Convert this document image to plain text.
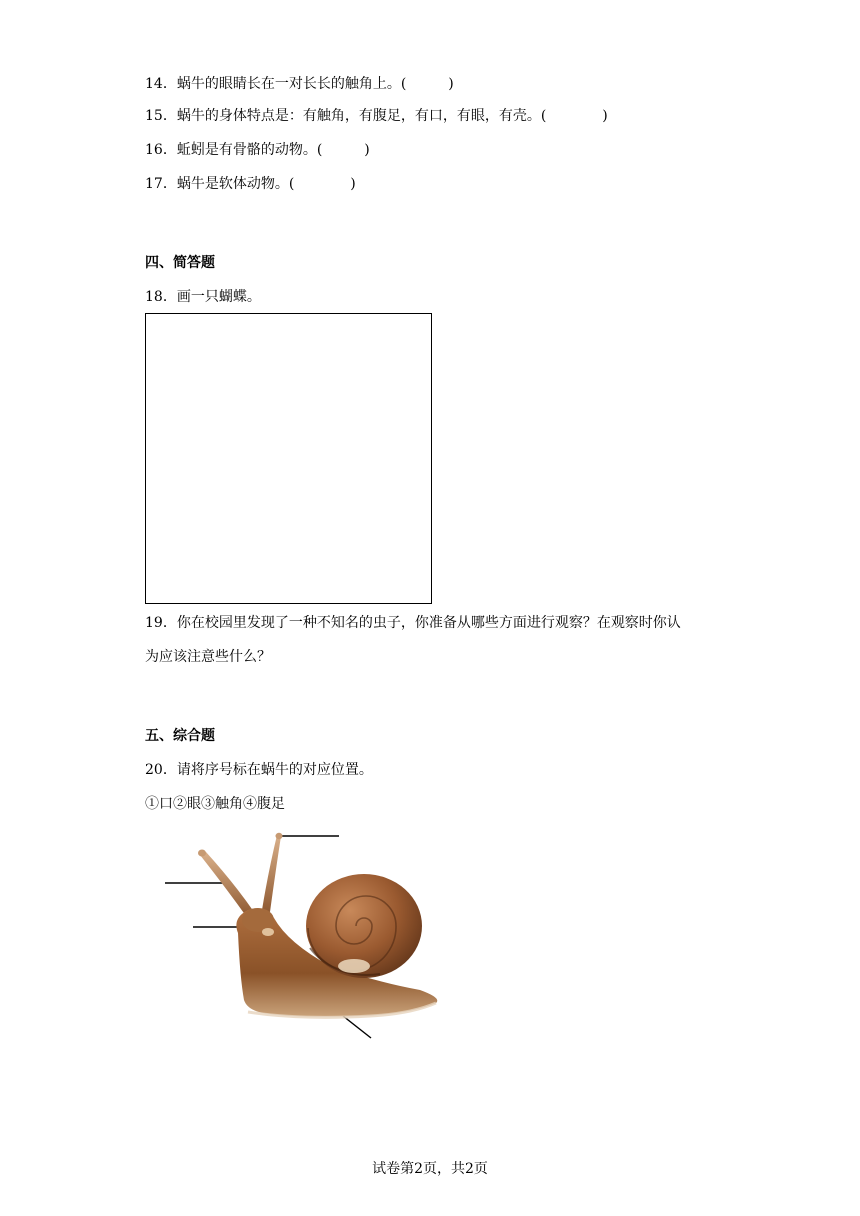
14．蜗牛的眼睛长在一对长长的触角上。(　　　)
15．蜗牛的身体特点是：有触角，有腹足，有口，有眼，有壳。(　　　　)
16．蚯蚓是有骨骼的动物。(　　　)
17．蜗牛是软体动物。(　　　　)
四、简答题
18．画一只蝴蝶。
19．你在校园里发现了一种不知名的虫子，你准备从哪些方面进行观察？在观察时你认
为应该注意些什么？
五、综合题
20．请将序号标在蜗牛的对应位置。
①口②眼③触角④腹足
试卷第2页，共2页
